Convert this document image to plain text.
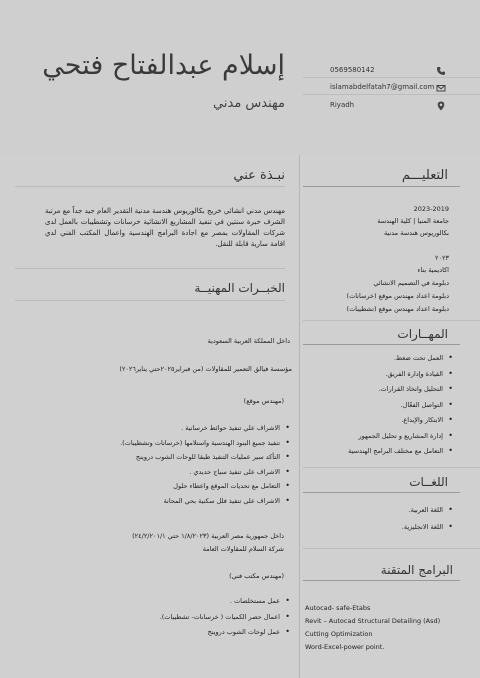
إسلام عبدالفتاح فتحي
مهندس مدني
0569580142
islamabdelfatah7@gmail.com
Riyadh
التعليـــم
2023-2019
جامعة المنيا | كلية الهندسة
بكالوريوس هندسة مدنية
٢٠٢٣
اكاديمية بناء
دبلومة في التصميم الانشائي
دبلومة اعداد مهندس موقع (خرسانات)
دبلومة اعداد مهندس موقع (تشطيبات)
المهــارات
• العمل تحت ضغط.
• القيادة وإدارة الفريق.
• التحليل واتخاذ القرارات.
• التواصل الفعّال.
• الابتكار والإبداع.
• إدارة المشاريع و تحليل الجمهور
• التعامل مع مختلف البرامج الهندسية
اللغــات
• اللغة العربية.
• اللغة الانجليزية.
البرامج المتقنة
Autocad- safe-Etabs
Revit – Autocad Structural Detailing (Asd)
Cutting Optimization
Word-Excel-power point.
نبـذة عني
مهندس مدني انشائي خريج بكالوريوس هندسة مدنية التقدير العام جيد جداً مع مرتبة الشرف خبرة سنتين في تنفيذ المشاريع الانشائية خرسانات وتشطيبات بالعمل لدى شركات المقاولات بمصر مع اجادة البرامج الهندسية واعمال المكتب الفني لدي اقامة سارية قابلة للنقل.
الخبــرات المهنيــة
داخل المملكة العربية السعودية
مؤسسة فيالق التعمير للمقاولات (من فبراير٢٠٢٥حتي يناير٢٠٢٦)
(مهندس موقع)
• الاشراف علي تنفيذ حوائط خرسانية .
• تنفيذ جميع البنود الهندسية واستلامها (خرسانات وتشطيبات).
• التأكد سير عمليات التنفيذ طبقا للوحات الشوب دروينج
• الاشراف على تنفيذ سياج حديدي .
• التعامل مع تحديات الموقع واعطاء حلول
• الاشراف على تنفيذ فلل سكنية بحي المحانة
داخل جمهورية مصر العربية (١/٨/٢٠٢٣ حتي ٢٤/٢/٢٠١/١)
شركة السلام للمقاولات العامة
(مهندس مكتب فني)
• عمل مستخلصات .
• اعمال حصر الكميات ( خرسانات- تشطيبات).
• عمل لوحات الشوب دروينج
